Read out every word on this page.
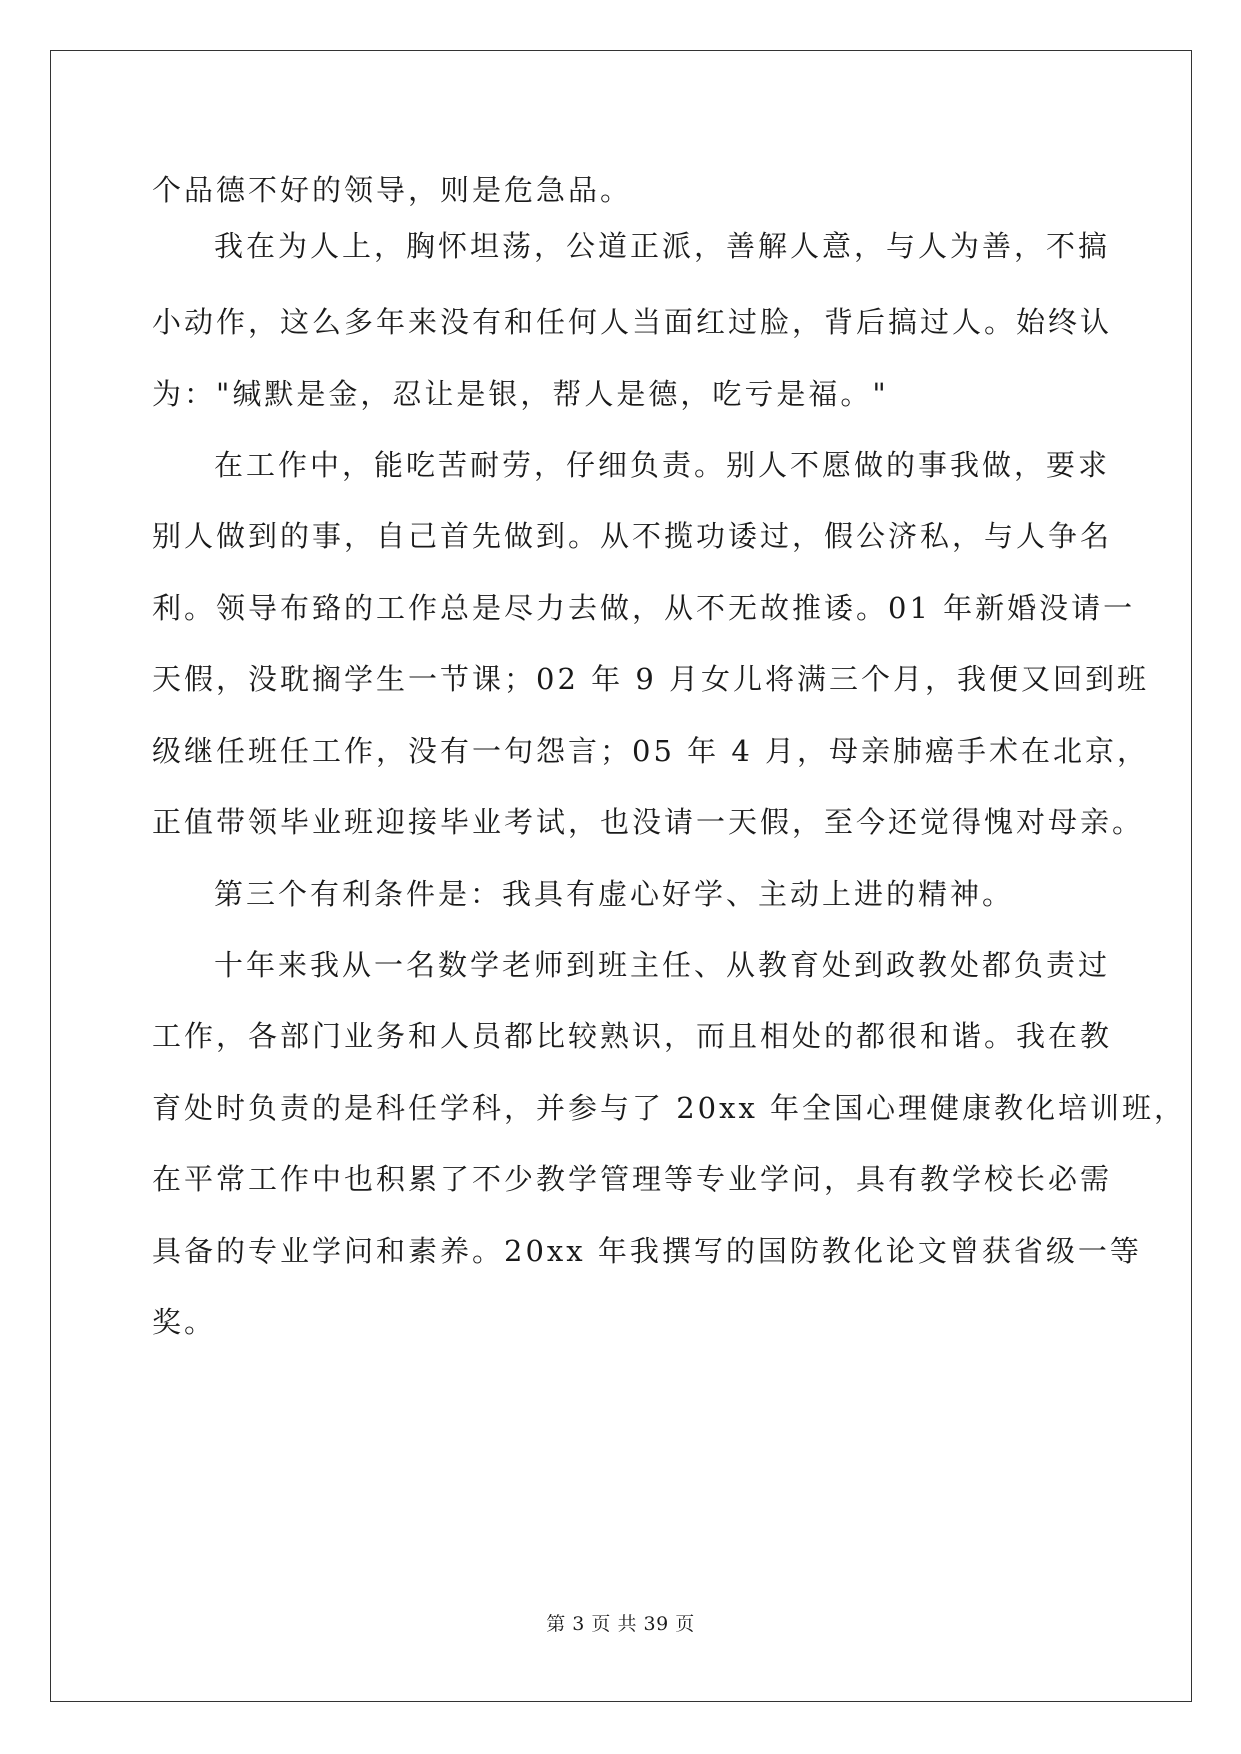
个品德不好的领导，则是危急品。
我在为人上，胸怀坦荡，公道正派，善解人意，与人为善，不搞
小动作，这么多年来没有和任何人当面红过脸，背后搞过人。始终认
为："缄默是金，忍让是银，帮人是德，吃亏是福。"
在工作中，能吃苦耐劳，仔细负责。别人不愿做的事我做，要求
别人做到的事，自己首先做到。从不揽功诿过，假公济私，与人争名
利。领导布臵的工作总是尽力去做，从不无故推诿。01 年新婚没请一
天假，没耽搁学生一节课；02 年 9 月女儿将满三个月，我便又回到班
级继任班任工作，没有一句怨言；05 年 4 月，母亲肺癌手术在北京，
正值带领毕业班迎接毕业考试，也没请一天假，至今还觉得愧对母亲。
第三个有利条件是：我具有虚心好学、主动上进的精神。
十年来我从一名数学老师到班主任、从教育处到政教处都负责过
工作，各部门业务和人员都比较熟识，而且相处的都很和谐。我在教
育处时负责的是科任学科，并参与了 20xx 年全国心理健康教化培训班，
在平常工作中也积累了不少教学管理等专业学问，具有教学校长必需
具备的专业学问和素养。20xx 年我撰写的国防教化论文曾获省级一等
奖。
第 3 页 共 39 页
